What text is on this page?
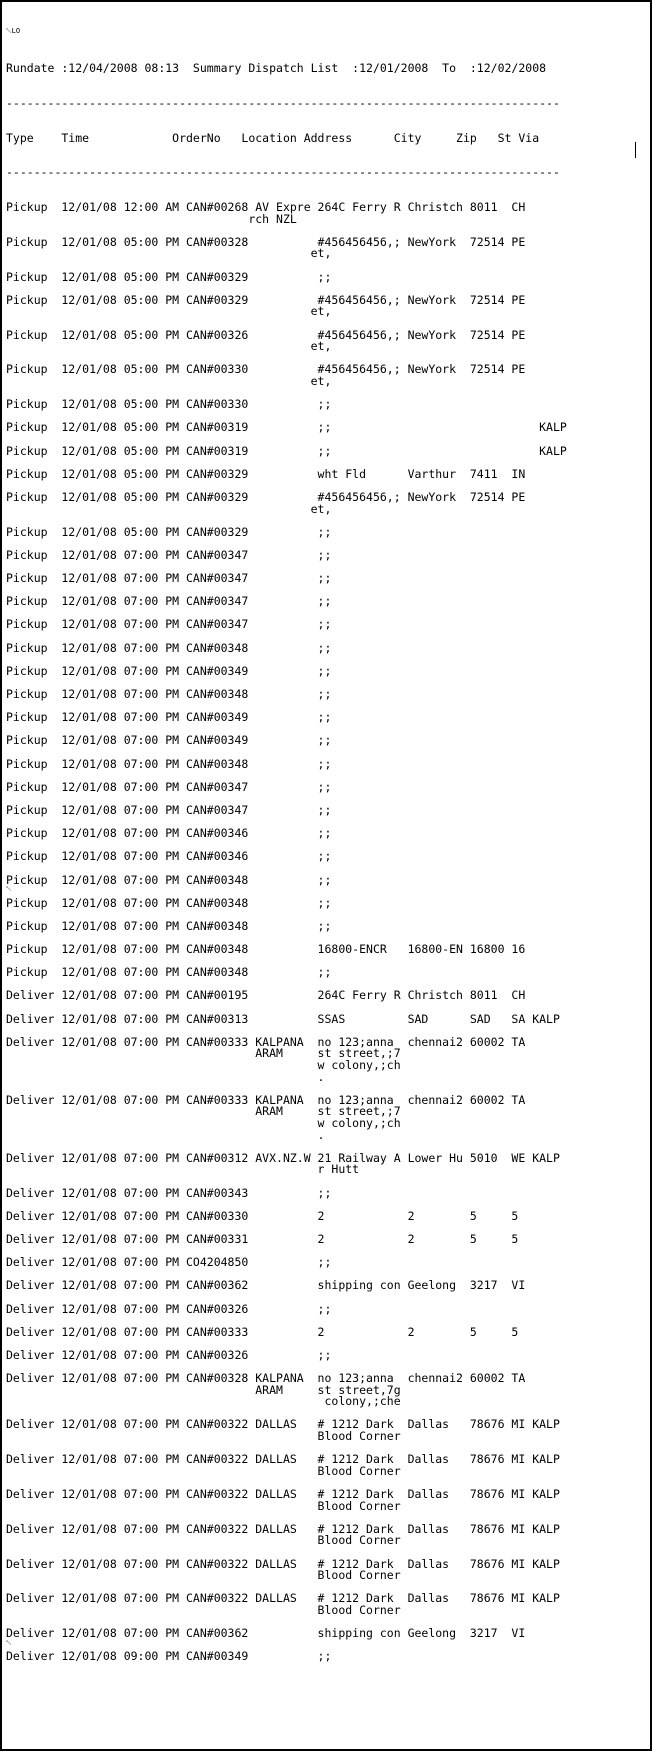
␀LO

Rundate :12/04/2008 08:13  Summary Dispatch List  :12/01/2008  To  :12/02/2008

--------------------------------------------------------------------------------

Type    Time            OrderNo   Location Address      City     Zip   St Via

--------------------------------------------------------------------------------

Pickup  12/01/08 12:00 AM CAN#00268 AV Expre 264C Ferry R Christch 8011  CH
rch NZL
Pickup  12/01/08 05:00 PM CAN#00328          #456456456,; NewYork  72514 PE
et,
Pickup  12/01/08 05:00 PM CAN#00329          ;;
Pickup  12/01/08 05:00 PM CAN#00329          #456456456,; NewYork  72514 PE
et,
Pickup  12/01/08 05:00 PM CAN#00326          #456456456,; NewYork  72514 PE
et,
Pickup  12/01/08 05:00 PM CAN#00330          #456456456,; NewYork  72514 PE
et,
Pickup  12/01/08 05:00 PM CAN#00330          ;;
Pickup  12/01/08 05:00 PM CAN#00319          ;;                              KALP
Pickup  12/01/08 05:00 PM CAN#00319          ;;                              KALP
Pickup  12/01/08 05:00 PM CAN#00329          wht Fld      Varthur  7411  IN
Pickup  12/01/08 05:00 PM CAN#00329          #456456456,; NewYork  72514 PE
et,
Pickup  12/01/08 05:00 PM CAN#00329          ;;
Pickup  12/01/08 07:00 PM CAN#00347          ;;
Pickup  12/01/08 07:00 PM CAN#00347          ;;
Pickup  12/01/08 07:00 PM CAN#00347          ;;
Pickup  12/01/08 07:00 PM CAN#00347          ;;
Pickup  12/01/08 07:00 PM CAN#00348          ;;
Pickup  12/01/08 07:00 PM CAN#00349          ;;
Pickup  12/01/08 07:00 PM CAN#00348          ;;
Pickup  12/01/08 07:00 PM CAN#00349          ;;
Pickup  12/01/08 07:00 PM CAN#00349          ;;
Pickup  12/01/08 07:00 PM CAN#00348          ;;
Pickup  12/01/08 07:00 PM CAN#00347          ;;
Pickup  12/01/08 07:00 PM CAN#00347          ;;
Pickup  12/01/08 07:00 PM CAN#00346          ;;
Pickup  12/01/08 07:00 PM CAN#00346          ;;
Pickup  12/01/08 07:00 PM CAN#00348          ;;
␀
Pickup  12/01/08 07:00 PM CAN#00348          ;;
Pickup  12/01/08 07:00 PM CAN#00348          ;;
Pickup  12/01/08 07:00 PM CAN#00348          16800-ENCR   16800-EN 16800 16
Pickup  12/01/08 07:00 PM CAN#00348          ;;
Deliver 12/01/08 07:00 PM CAN#00195          264C Ferry R Christch 8011  CH
Deliver 12/01/08 07:00 PM CAN#00313          SSAS         SAD      SAD   SA KALP
Deliver 12/01/08 07:00 PM CAN#00333 KALPANA  no 123;anna  chennai2 60002 TA
ARAM     st street,;7
w colony,;ch
.
Deliver 12/01/08 07:00 PM CAN#00333 KALPANA  no 123;anna  chennai2 60002 TA
ARAM     st street,;7
w colony,;ch
.
Deliver 12/01/08 07:00 PM CAN#00312 AVX.NZ.W 21 Railway A Lower Hu 5010  WE KALP
r Hutt
Deliver 12/01/08 07:00 PM CAN#00343          ;;
Deliver 12/01/08 07:00 PM CAN#00330          2            2        5     5
Deliver 12/01/08 07:00 PM CAN#00331          2            2        5     5
Deliver 12/01/08 07:00 PM CO4204850          ;;
Deliver 12/01/08 07:00 PM CAN#00362          shipping con Geelong  3217  VI
Deliver 12/01/08 07:00 PM CAN#00326          ;;
Deliver 12/01/08 07:00 PM CAN#00333          2            2        5     5
Deliver 12/01/08 07:00 PM CAN#00326          ;;
Deliver 12/01/08 07:00 PM CAN#00328 KALPANA  no 123;anna  chennai2 60002 TA
ARAM     st street,7g
colony,;che
Deliver 12/01/08 07:00 PM CAN#00322 DALLAS   # 1212 Dark  Dallas   78676 MI KALP
Blood Corner
Deliver 12/01/08 07:00 PM CAN#00322 DALLAS   # 1212 Dark  Dallas   78676 MI KALP
Blood Corner
Deliver 12/01/08 07:00 PM CAN#00322 DALLAS   # 1212 Dark  Dallas   78676 MI KALP
Blood Corner
Deliver 12/01/08 07:00 PM CAN#00322 DALLAS   # 1212 Dark  Dallas   78676 MI KALP
Blood Corner
Deliver 12/01/08 07:00 PM CAN#00322 DALLAS   # 1212 Dark  Dallas   78676 MI KALP
Blood Corner
Deliver 12/01/08 07:00 PM CAN#00322 DALLAS   # 1212 Dark  Dallas   78676 MI KALP
Blood Corner
Deliver 12/01/08 07:00 PM CAN#00362          shipping con Geelong  3217  VI
␀
Deliver 12/01/08 09:00 PM CAN#00349          ;;
